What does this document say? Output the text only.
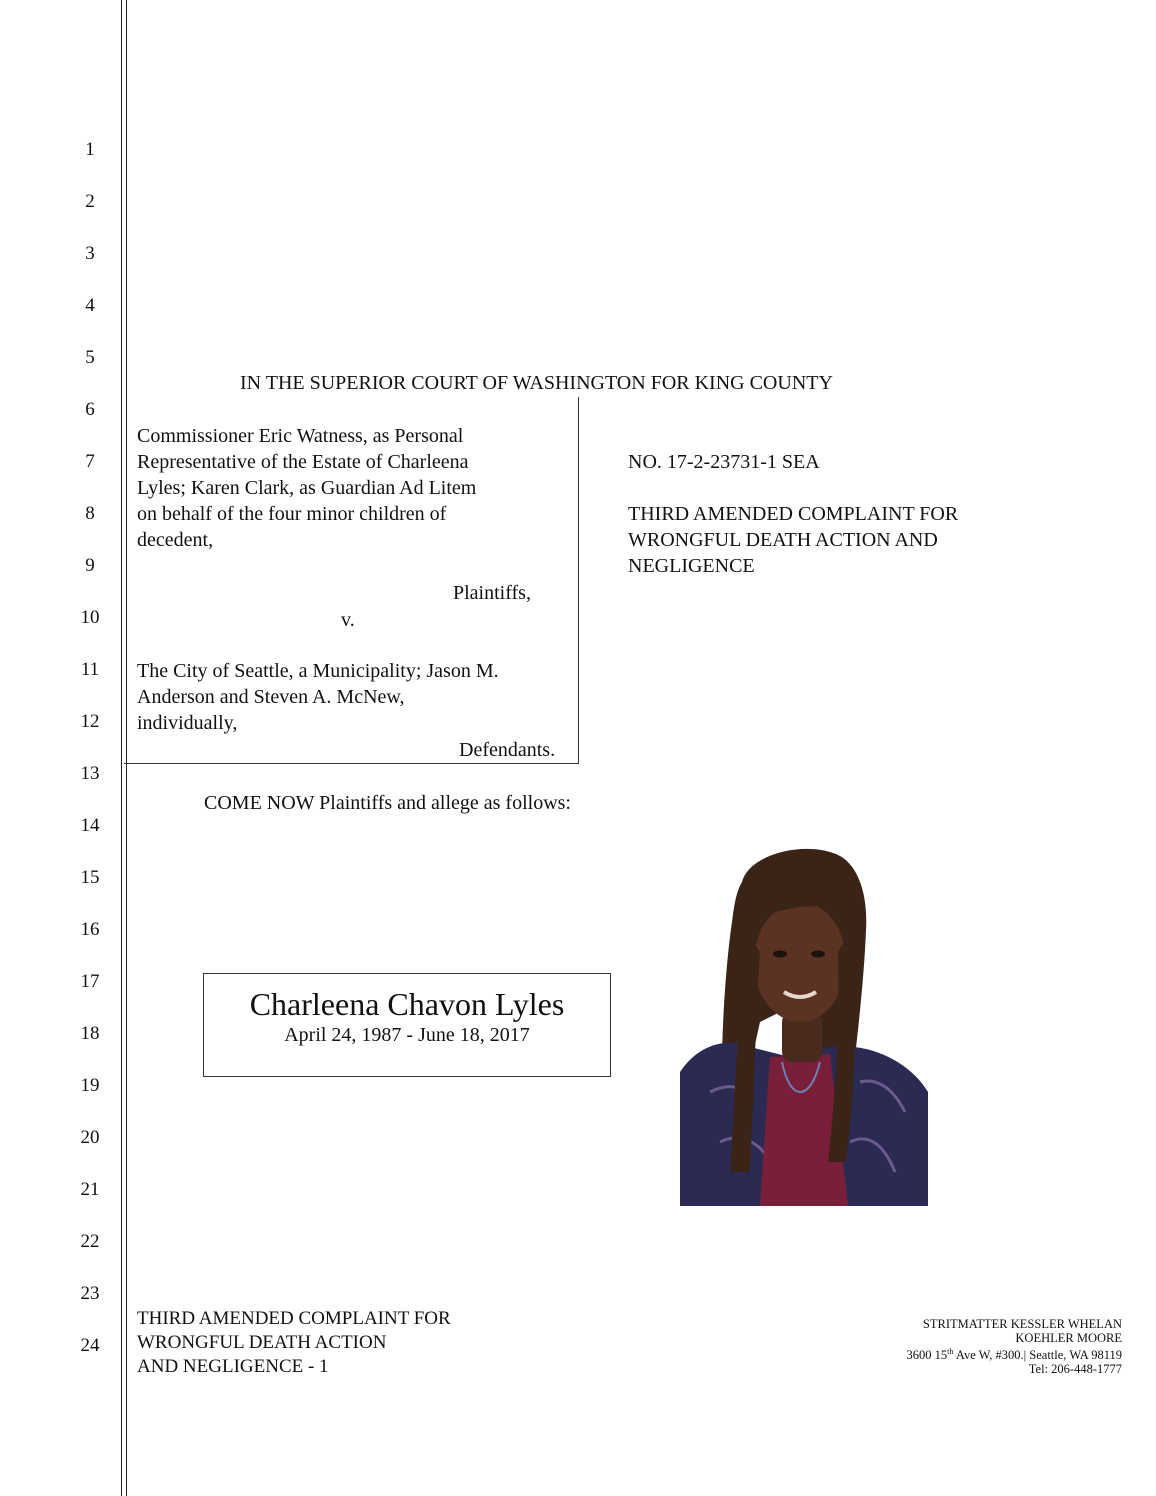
1
2
3
4
5
6
7
8
9
10
11
12
13
14
15
16
17
18
19
20
21
22
23
24
IN THE SUPERIOR COURT OF WASHINGTON FOR KING COUNTY
Commissioner Eric Watness, as Personal
Representative of the Estate of Charleena
Lyles; Karen Clark, as Guardian Ad Litem
on behalf of the four minor children of
decedent,
Plaintiffs,
v.
The City of Seattle, a Municipality; Jason M.
Anderson and Steven A. McNew,
individually,
Defendants.
NO. 17-2-23731-1 SEA
THIRD AMENDED COMPLAINT FOR
WRONGFUL DEATH ACTION AND
NEGLIGENCE
COME NOW Plaintiffs and allege as follows:
Charleena Chavon Lyles
April 24, 1987 - June 18, 2017
THIRD AMENDED COMPLAINT FOR
WRONGFUL DEATH ACTION
AND NEGLIGENCE - 1
STRITMATTER KESSLER WHELAN
KOEHLER MOORE
3600 15th Ave W, #300.| Seattle, WA 98119
Tel: 206-448-1777
